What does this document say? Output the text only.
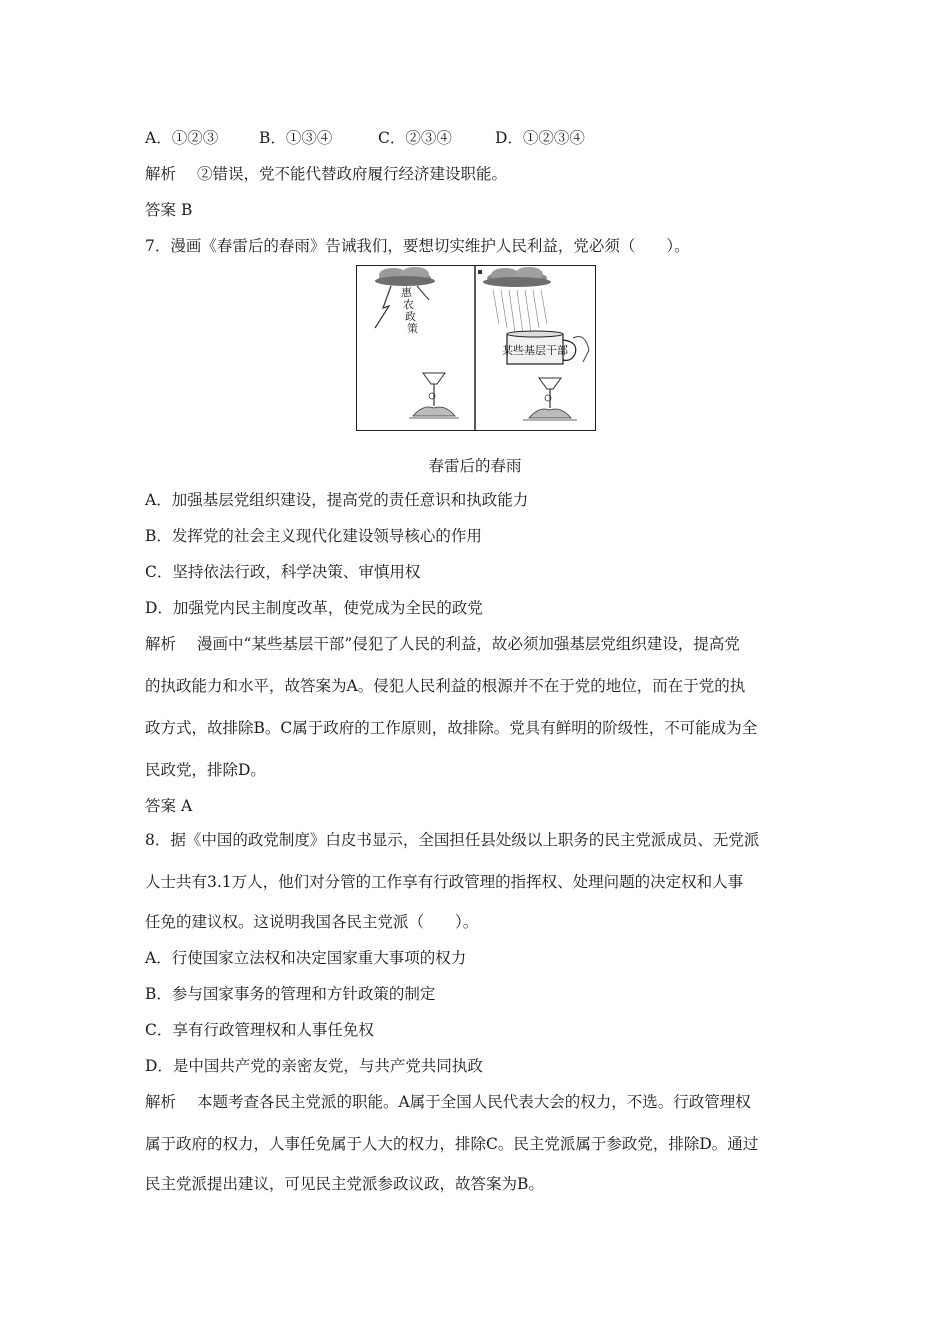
A．①②③	B．①③④	C．②③④	D．①②③④
解析 ②错误，党不能代替政府履行经济建设职能。
答案 B
7．漫画《春雷后的春雨》告诫我们，要想切实维护人民利益，党必须（　　）。
惠农政策
某些基层干部
春雷后的春雨
A．加强基层党组织建设，提高党的责任意识和执政能力
B．发挥党的社会主义现代化建设领导核心的作用
C．坚持依法行政，科学决策、审慎用权
D．加强党内民主制度改革，使党成为全民的政党
解析 漫画中“某些基层干部”侵犯了人民的利益，故必须加强基层党组织建设，提高党
的执政能力和水平，故答案为A。侵犯人民利益的根源并不在于党的地位，而在于党的执
政方式，故排除B。C属于政府的工作原则，故排除。党具有鲜明的阶级性，不可能成为全
民政党，排除D。
答案 A
8．据《中国的政党制度》白皮书显示，全国担任县处级以上职务的民主党派成员、无党派
人士共有3.1万人，他们对分管的工作享有行政管理的指挥权、处理问题的决定权和人事
任免的建议权。这说明我国各民主党派（　　）。
A．行使国家立法权和决定国家重大事项的权力
B．参与国家事务的管理和方针政策的制定
C．享有行政管理权和人事任免权
D．是中国共产党的亲密友党，与共产党共同执政
解析 本题考查各民主党派的职能。A属于全国人民代表大会的权力，不选。行政管理权
属于政府的权力，人事任免属于人大的权力，排除C。民主党派属于参政党，排除D。通过
民主党派提出建议，可见民主党派参政议政，故答案为B。
